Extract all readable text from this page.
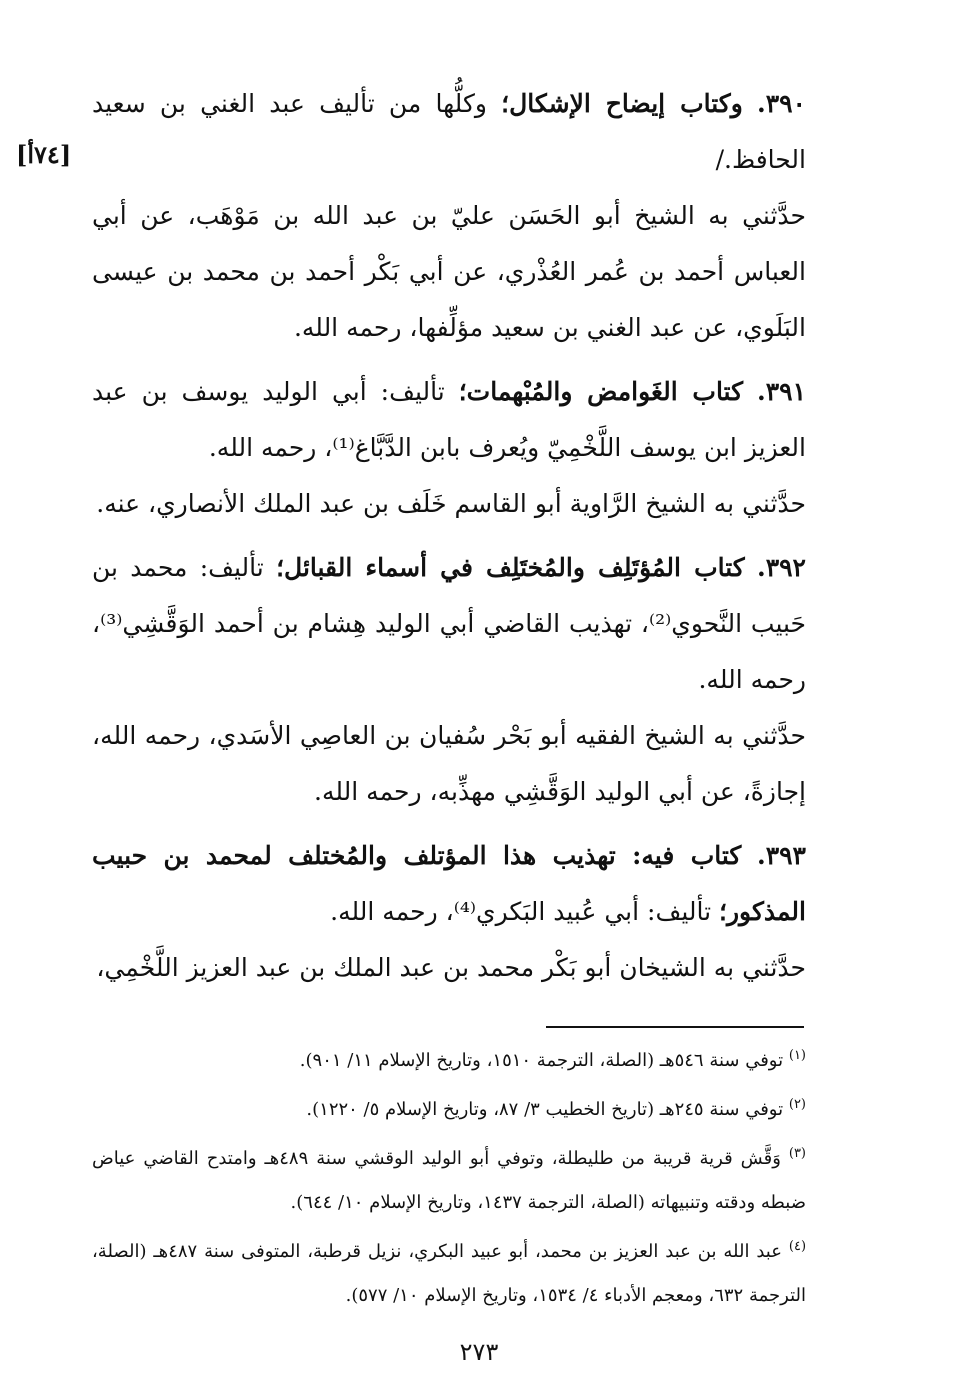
[٧٤أ]

٣٩٠. وكتاب إيضاح الإشكال؛ وكلُّها من تأليف عبد الغني بن سعيد الحافظ./

حدَّثني به الشيخ أبو الحَسَن عليّ بن عبد الله بن مَوْهَب، عن أبي العباس أحمد بن عُمر العُذْري، عن أبي بَكْر أحمد بن محمد بن عيسى البَلَوي، عن عبد الغني بن سعيد مؤلِّفها، رحمه الله.

٣٩١. كتاب الغَوامض والمُبْهمات؛ تأليف: أبي الوليد يوسف بن عبد العزيز ابن يوسف اللَّخْمِيّ ويُعرف بابن الدَّبَّاغ⁽¹⁾، رحمه الله.

حدَّثني به الشيخ الرَّاوية أبو القاسم خَلَف بن عبد الملك الأنصاري، عنه.

٣٩٢. كتاب المُؤتَلِف والمُختَلِف في أسماء القبائل؛ تأليف: محمد بن حَبيب النَّحوي⁽²⁾، تهذيب القاضي أبي الوليد هِشام بن أحمد الوَقَّشِي⁽³⁾، رحمه الله.

حدَّثني به الشيخ الفقيه أبو بَحْر سُفيان بن العاصِي الأسَدي، رحمه الله، إجازةً، عن أبي الوليد الوَقَّشِي مهذِّبه، رحمه الله.

٣٩٣. كتاب فيه: تهذيب هذا المؤتلف والمُختلف لمحمد بن حبيب المذكور؛ تأليف: أبي عُبيد البَكري⁽⁴⁾، رحمه الله.

حدَّثني به الشيخان أبو بَكْر محمد بن عبد الملك بن عبد العزيز اللَّخْمِي،

$^{(١)}$ توفي سنة ٥٤٦هـ (الصلة، الترجمة ١٥١٠، وتاريخ الإسلام ١١/ ٩٠١).

$^{(٢)}$ توفي سنة ٢٤٥هـ (تاريخ الخطيب ٣/ ٨٧، وتاريخ الإسلام ٥/ ١٢٢٠).

$^{(٣)}$ وَقَّش قرية قريبة من طليطلة، وتوفي أبو الوليد الوقشي سنة ٤٨٩هـ وامتدح القاضي عياض ضبطه ودقته وتنبيهاته (الصلة، الترجمة ١٤٣٧، وتاريخ الإسلام ١٠/ ٦٤٤).

$^{(٤)}$ عبد الله بن عبد العزيز بن محمد، أبو عبيد البكري، نزيل قرطبة، المتوفى سنة ٤٨٧هـ (الصلة، الترجمة ٦٣٢، ومعجم الأدباء ٤/ ١٥٣٤، وتاريخ الإسلام ١٠/ ٥٧٧).

٢٧٣
